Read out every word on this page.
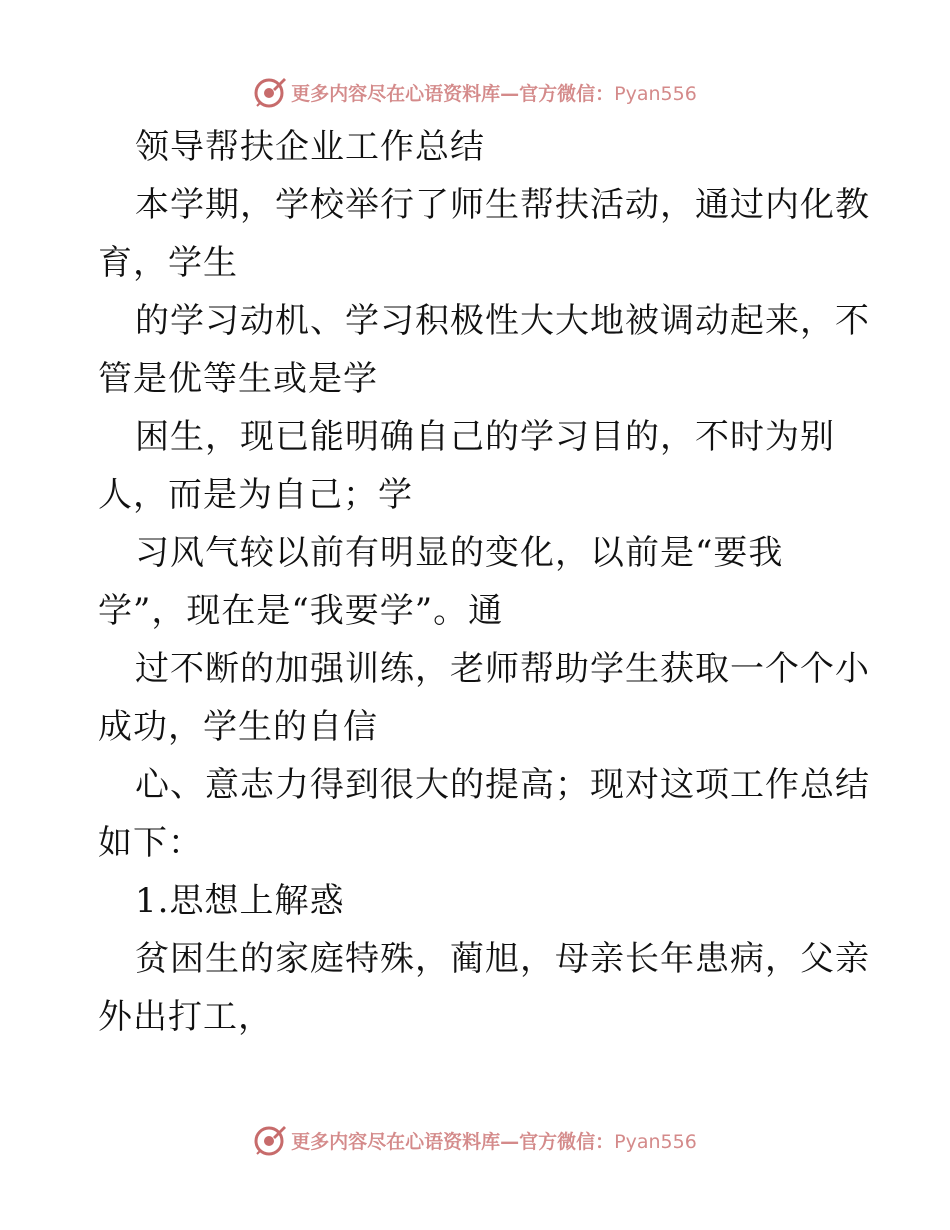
更多内容尽在心语资料库—官方微信：Pyan556
领导帮扶企业工作总结
本学期，学校举行了师生帮扶活动，通过内化教
育，学生
的学习动机、学习积极性大大地被调动起来，不
管是优等生或是学
困生，现已能明确自己的学习目的，不时为别
人，而是为自己；学
习风气较以前有明显的变化，以前是“要我
学”，现在是“我要学”。通
过不断的加强训练，老师帮助学生获取一个个小
成功，学生的自信
心、意志力得到很大的提高；现对这项工作总结
如下：
1.思想上解惑
贫困生的家庭特殊，蔺旭，母亲长年患病，父亲
外出打工，
更多内容尽在心语资料库—官方微信：Pyan556
